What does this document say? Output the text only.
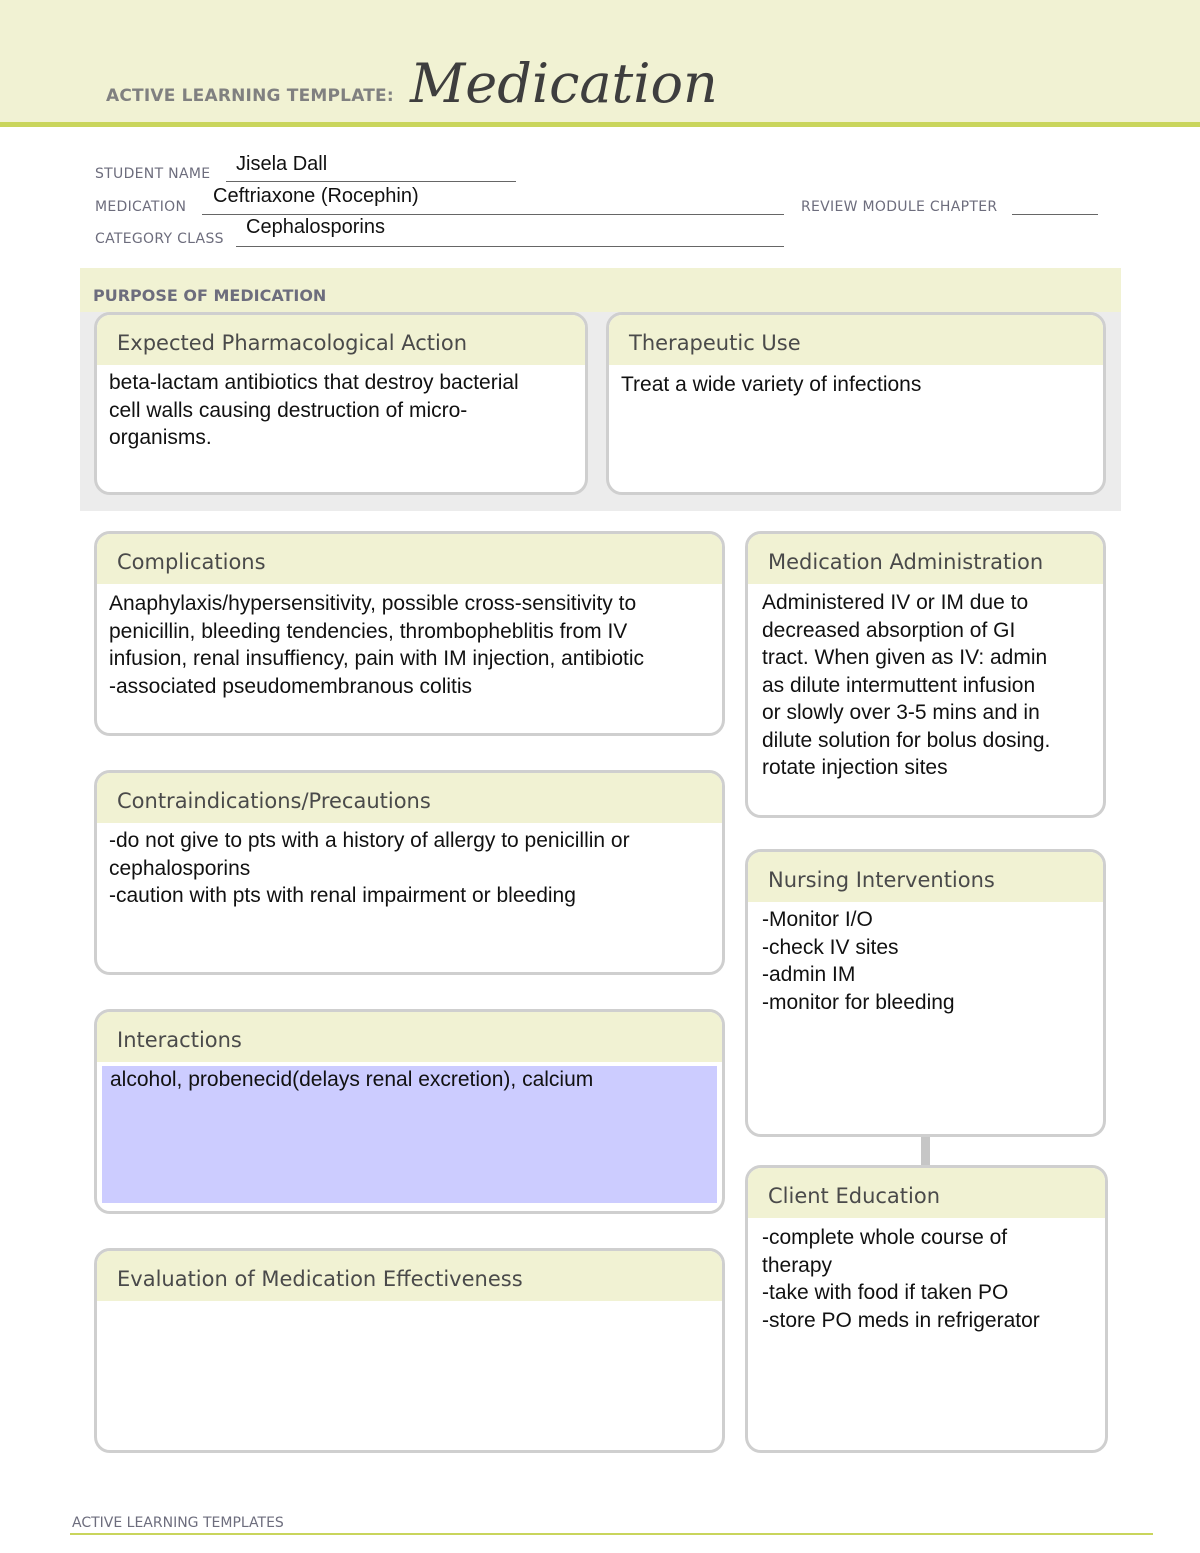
ACTIVE LEARNING TEMPLATE: Medication
STUDENT NAME Jisela Dall
MEDICATION Ceftriaxone (Rocephin)	REVIEW MODULE CHAPTER
CATEGORY CLASS
Cephalosporins
PURPOSE OF MEDICATION
Expected Pharmacological Action
beta-lactam antibiotics that destroy bacterial
cell walls causing destruction of micro-
organisms.
Therapeutic Use
Treat a wide variety of infections
Complications
Anaphylaxis/hypersensitivity, possible cross-sensitivity to
penicillin, bleeding tendencies, thrombopheblitis from IV
infusion, renal insuffiency, pain with IM injection, antibiotic
-associated pseudomembranous colitis
Medication Administration
Administered IV or IM due to
decreased absorption of GI
tract. When given as IV: admin
as dilute intermuttent infusion
or slowly over 3-5 mins and in
dilute solution for bolus dosing.
rotate injection sites
Contraindications/Precautions
-do not give to pts with a history of allergy to penicillin or
cephalosporins
-caution with pts with renal impairment or bleeding
Nursing Interventions
-Monitor I/O
-check IV sites
-admin IM
-monitor for bleeding
Interactions
alcohol, probenecid(delays renal excretion), calcium
Client Education
-complete whole course of
therapy
-take with food if taken PO
-store PO meds in refrigerator
Evaluation of Medication Effectiveness
ACTIVE LEARNING TEMPLATES
